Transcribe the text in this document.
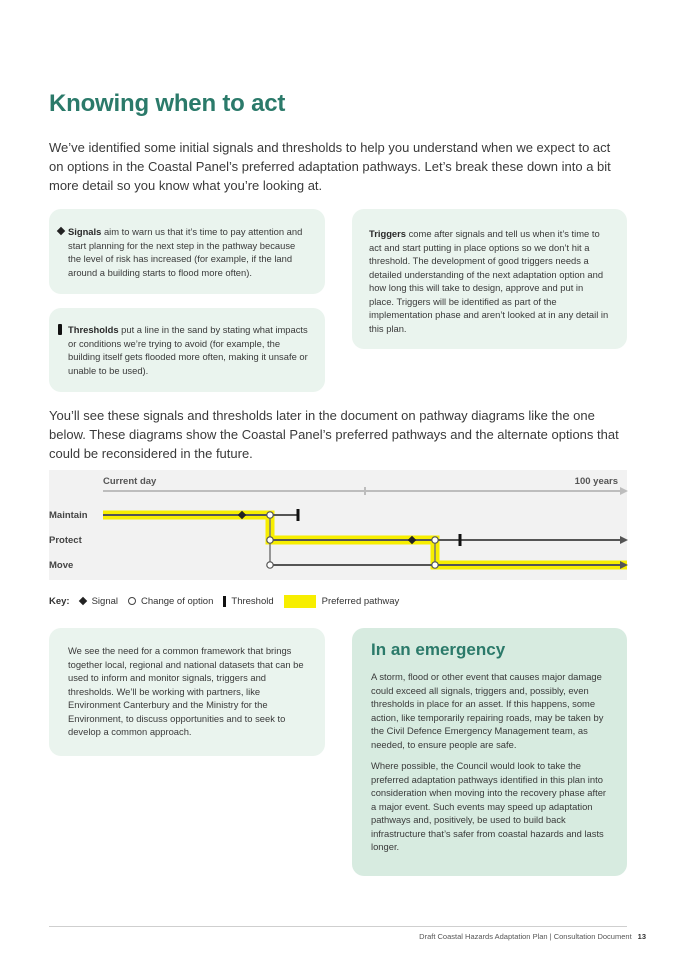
Knowing when to act
We’ve identified some initial signals and thresholds to help you understand when we expect to act on options in the Coastal Panel’s preferred adaptation pathways. Let’s break these down into a bit more detail so you know what you’re looking at.

Signals aim to warn us that it’s time to pay attention and start planning for the next step in the pathway because the level of risk has increased (for example, if the land around a building starts to flood more often).

Thresholds put a line in the sand by stating what impacts or conditions we’re trying to avoid (for example, the building itself gets flooded more often, making it unsafe or unable to be used).

Triggers come after signals and tell us when it’s time to act and start putting in place options so we don’t hit a threshold. The development of good triggers needs a detailed understanding of the next adaptation option and how long this will take to design, approve and put in place. Triggers will be identified as part of the implementation phase and aren’t looked at in any detail in this plan.

You’ll see these signals and thresholds later in the document on pathway diagrams like the one below. These diagrams show the Coastal Panel’s preferred pathways and the alternate options that could be reconsidered in the future.
Current day	100 years
Maintain
Protect
Move
Key: Signal Change of option Threshold	Preferred pathway

We see the need for a common framework that brings together local, regional and national datasets that can be used to inform and monitor signals, triggers and thresholds. We’ll be working with partners, like Environment Canterbury and the Ministry for the Environment, to discuss opportunities and to seek to develop a common approach.

In an emergency

A storm, flood or other event that causes major damage could exceed all signals, triggers and, possibly, even thresholds in place for an asset. If this happens, some action, like temporarily repairing roads, may be taken by the Civil Defence Emergency Management team, as needed, to ensure people are safe.

Where possible, the Council would look to take the preferred adaptation pathways identified in this plan into consideration when moving into the recovery phase after a major event. Such events may speed up adaptation pathways and, positively, be used to build back infrastructure that’s safer from coastal hazards and lasts longer.

Draft Coastal Hazards Adaptation Plan | Consultation Document 13
